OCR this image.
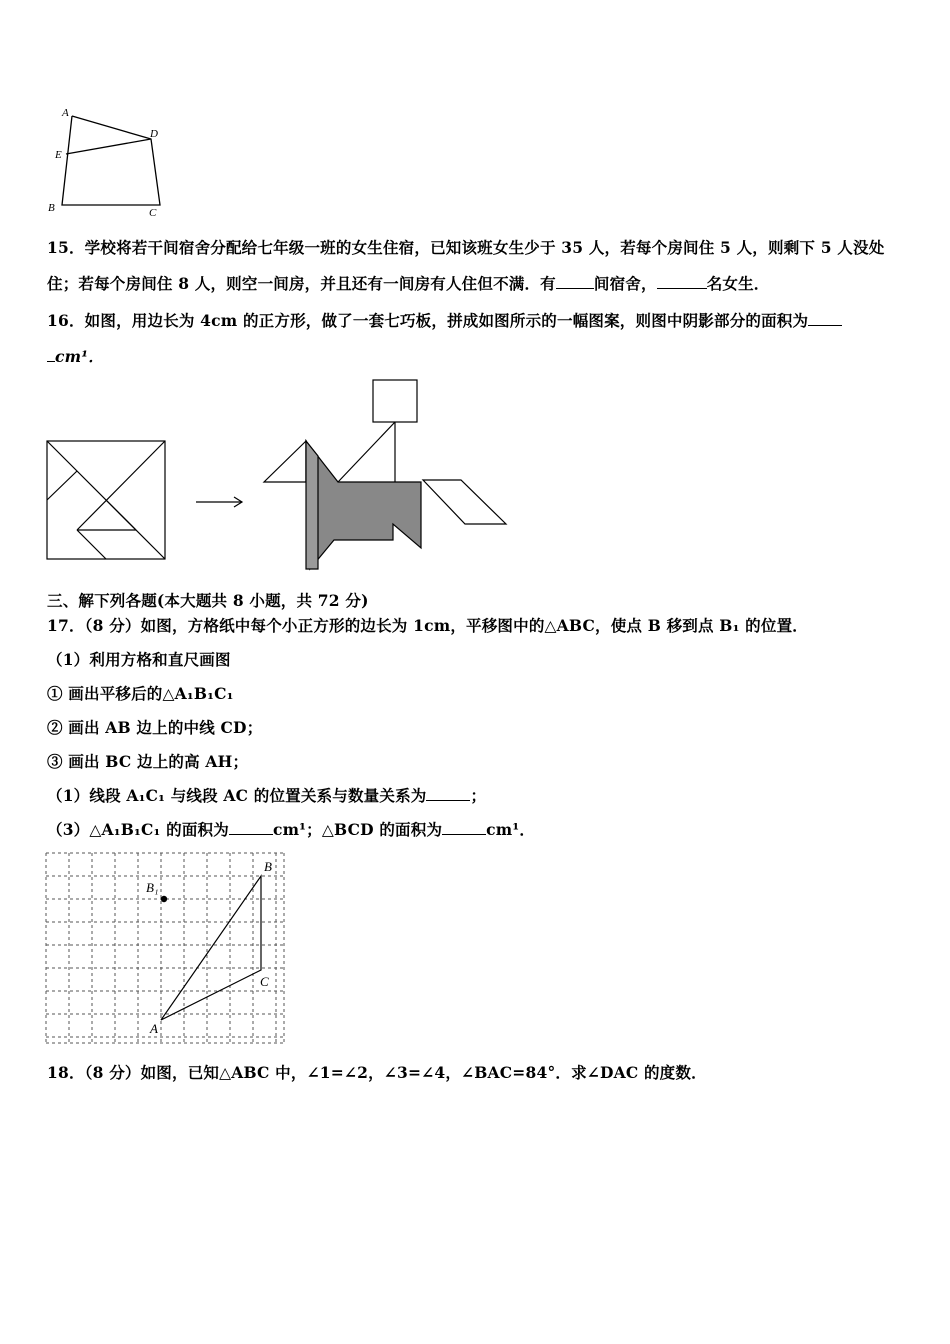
A
D
E
B	C
15．学校将若干间宿舍分配给七年级一班的女生住宿，已知该班女生少于 35 人，若每个房间住 5 人，则剩下 5 人没处
住；若每个房间住 8 人，则空一间房，并且还有一间房有人住但不满．有 间宿舍，	名女生．
16．如图，用边长为 4cm 的正方形，做了一套七巧板，拼成如图所示的一幅图案，则图中阴影部分的面积为
cm¹．
三、解下列各题(本大题共 8 小题，共 72 分)
17．（8 分）如图，方格纸中每个小正方形的边长为 1cm，平移图中的△ABC，使点 B 移到点 B₁ 的位置．
（1）利用方格和直尺画图
① 画出平移后的△A₁B₁C₁
② 画出 AB 边上的中线 CD；
③ 画出 BC 边上的高 AH；
（1）线段 A₁C₁ 与线段 AC 的位置关系与数量关系为	；
（3）△A₁B₁C₁ 的面积为	cm¹；△BCD 的面积为	cm¹．
B
B₁
C
A
18．（8 分）如图，已知△ABC 中，∠1=∠2，∠3=∠4，∠BAC=84°．求∠DAC 的度数．
